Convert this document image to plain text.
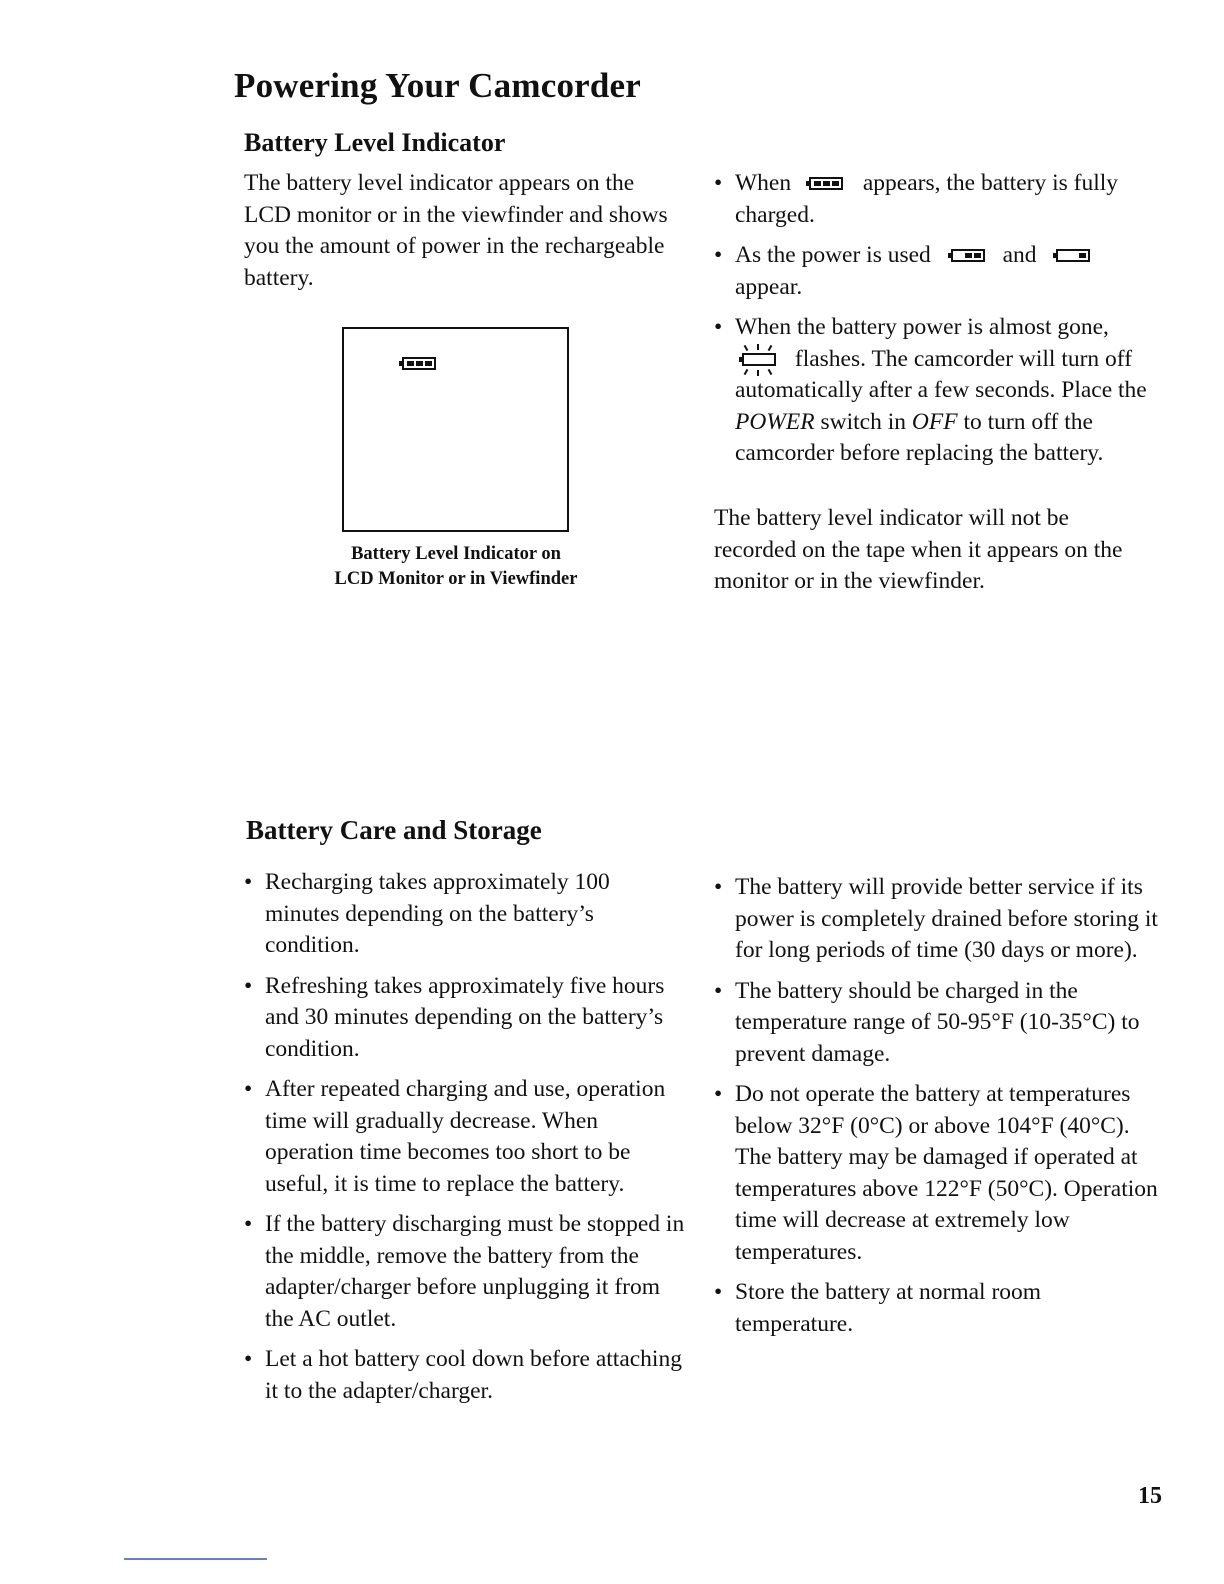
Powering Your Camcorder
Battery Level Indicator

The battery level indicator appears on the LCD monitor or in the viewfinder and shows you the amount of power in the rechargeable battery.

Battery Level Indicator on LCD Monitor or in Viewfinder
• When	appears, the battery is fully charged.
• As the power is used	and

appear.
• When the battery power is almost gone,

flashes. The camcorder will turn off automatically after a few seconds. Place the POWER switch in OFF to turn off the camcorder before replacing the battery.

The battery level indicator will not be recorded on the tape when it appears on the monitor or in the viewfinder.

Battery Care and Storage
• Recharging takes approximately 100 minutes depending on the battery’s condition.
• Refreshing takes approximately five hours and 30 minutes depending on the battery’s condition.
• After repeated charging and use, operation time will gradually decrease. When operation time becomes too short to be useful, it is time to replace the battery.
• If the battery discharging must be stopped in the middle, remove the battery from the adapter/charger before unplugging it from the AC outlet.
• Let a hot battery cool down before attaching it to the adapter/charger.
• The battery will provide better service if its power is completely drained before storing it for long periods of time (30 days or more).
• The battery should be charged in the temperature range of 50-95°F (10-35°C) to prevent damage.
• Do not operate the battery at temperatures below 32°F (0°C) or above 104°F (40°C). The battery may be damaged if operated at temperatures above 122°F (50°C). Operation time will decrease at extremely low temperatures.
• Store the battery at normal room temperature.
15
